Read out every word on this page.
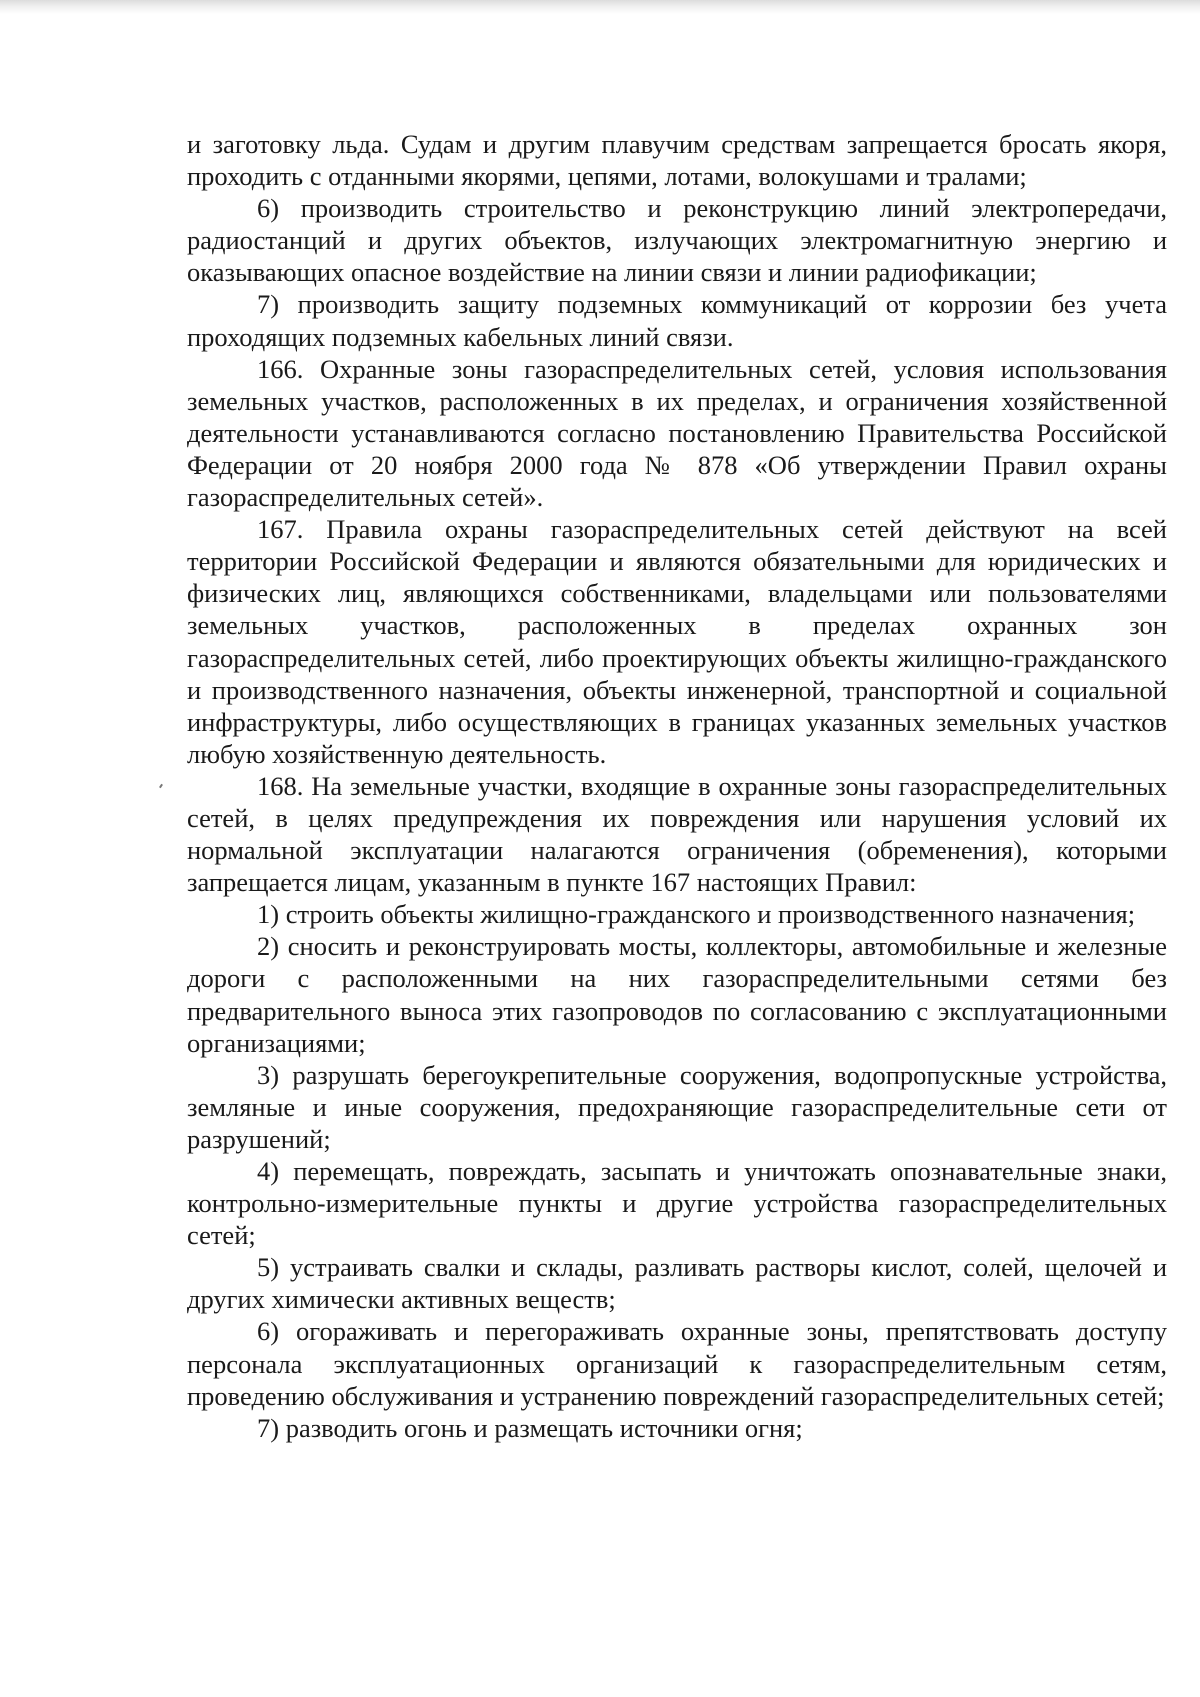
и заготовку льда. Судам и другим плавучим средствам запрещается бросать якоря, проходить с отданными якорями, цепями, лотами, волокушами и тралами;

6) производить строительство и реконструкцию линий электропередачи, радиостанций и других объектов, излучающих электромагнитную энергию и оказывающих опасное воздействие на линии связи и линии радиофикации;

7) производить защиту подземных коммуникаций от коррозии без учета проходящих подземных кабельных линий связи.

166. Охранные зоны газораспределительных сетей, условия использования земельных участков, расположенных в их пределах, и ограничения хозяйственной деятельности устанавливаются согласно постановлению Правительства Российской Федерации от 20 ноября 2000 года № 878 «Об утверждении Правил охраны газораспределительных сетей».

167. Правила охраны газораспределительных сетей действуют на всей территории Российской Федерации и являются обязательными для юридических и физических лиц, являющихся собственниками, владельцами или пользователями земельных участков, расположенных в пределах охранных зон газораспределительных сетей, либо проектирующих объекты жилищно-гражданского и производственного назначения, объекты инженерной, транспортной и социальной инфраструктуры, либо осуществляющих в границах указанных земельных участков любую хозяйственную деятельность.

168. На земельные участки, входящие в охранные зоны газораспределительных сетей, в целях предупреждения их повреждения или нарушения условий их нормальной эксплуатации налагаются ограничения (обременения), которыми запрещается лицам, указанным в пункте 167 настоящих Правил:

1) строить объекты жилищно-гражданского и производственного назначения;

2) сносить и реконструировать мосты, коллекторы, автомобильные и железные дороги с расположенными на них газораспределительными сетями без предварительного выноса этих газопроводов по согласованию с эксплуатационными организациями;

3) разрушать берегоукрепительные сооружения, водопропускные устройства, земляные и иные сооружения, предохраняющие газораспределительные сети от разрушений;

4) перемещать, повреждать, засыпать и уничтожать опознавательные знаки, контрольно-измерительные пункты и другие устройства газораспределительных сетей;

5) устраивать свалки и склады, разливать растворы кислот, солей, щелочей и других химически активных веществ;

6) огораживать и перегораживать охранные зоны, препятствовать доступу персонала эксплуатационных организаций к газораспределительным сетям, проведению обслуживания и устранению повреждений газораспределительных сетей;

7) разводить огонь и размещать источники огня;
